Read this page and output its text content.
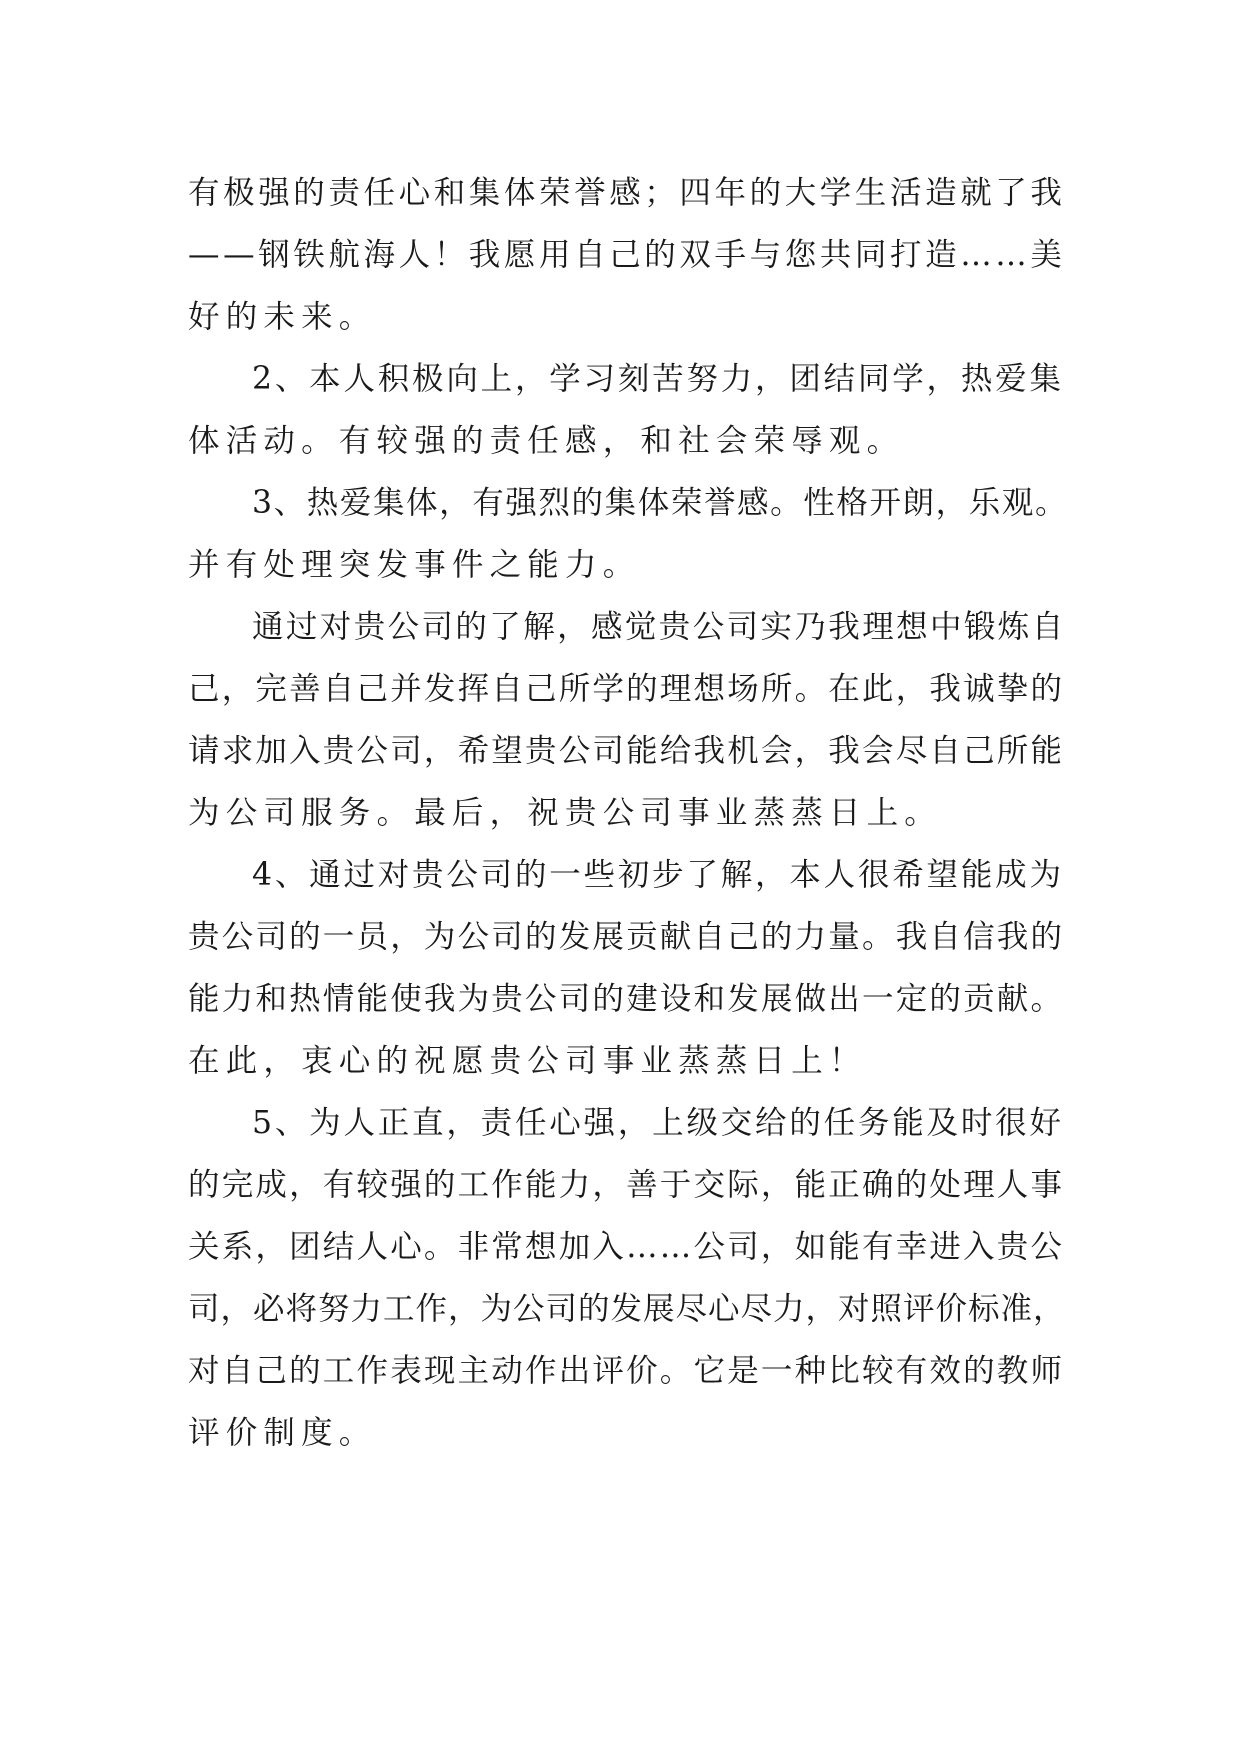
有极强的责任心和集体荣誉感；四年的大学生活造就了我
——钢铁航海人！我愿用自己的双手与您共同打造……美
好的未来。
2、本人积极向上，学习刻苦努力，团结同学，热爱集
体活动。有较强的责任感，和社会荣辱观。
3、热爱集体，有强烈的集体荣誉感。性格开朗，乐观。
并有处理突发事件之能力。
通过对贵公司的了解，感觉贵公司实乃我理想中锻炼自
己，完善自己并发挥自己所学的理想场所。在此，我诚挚的
请求加入贵公司，希望贵公司能给我机会，我会尽自己所能
为公司服务。最后，祝贵公司事业蒸蒸日上。
4、通过对贵公司的一些初步了解，本人很希望能成为
贵公司的一员，为公司的发展贡献自己的力量。我自信我的
能力和热情能使我为贵公司的建设和发展做出一定的贡献。
在此，衷心的祝愿贵公司事业蒸蒸日上！
5、为人正直，责任心强，上级交给的任务能及时很好
的完成，有较强的工作能力，善于交际，能正确的处理人事
关系，团结人心。非常想加入……公司，如能有幸进入贵公
司，必将努力工作，为公司的发展尽心尽力，对照评价标准，
对自己的工作表现主动作出评价。它是一种比较有效的教师
评价制度。
